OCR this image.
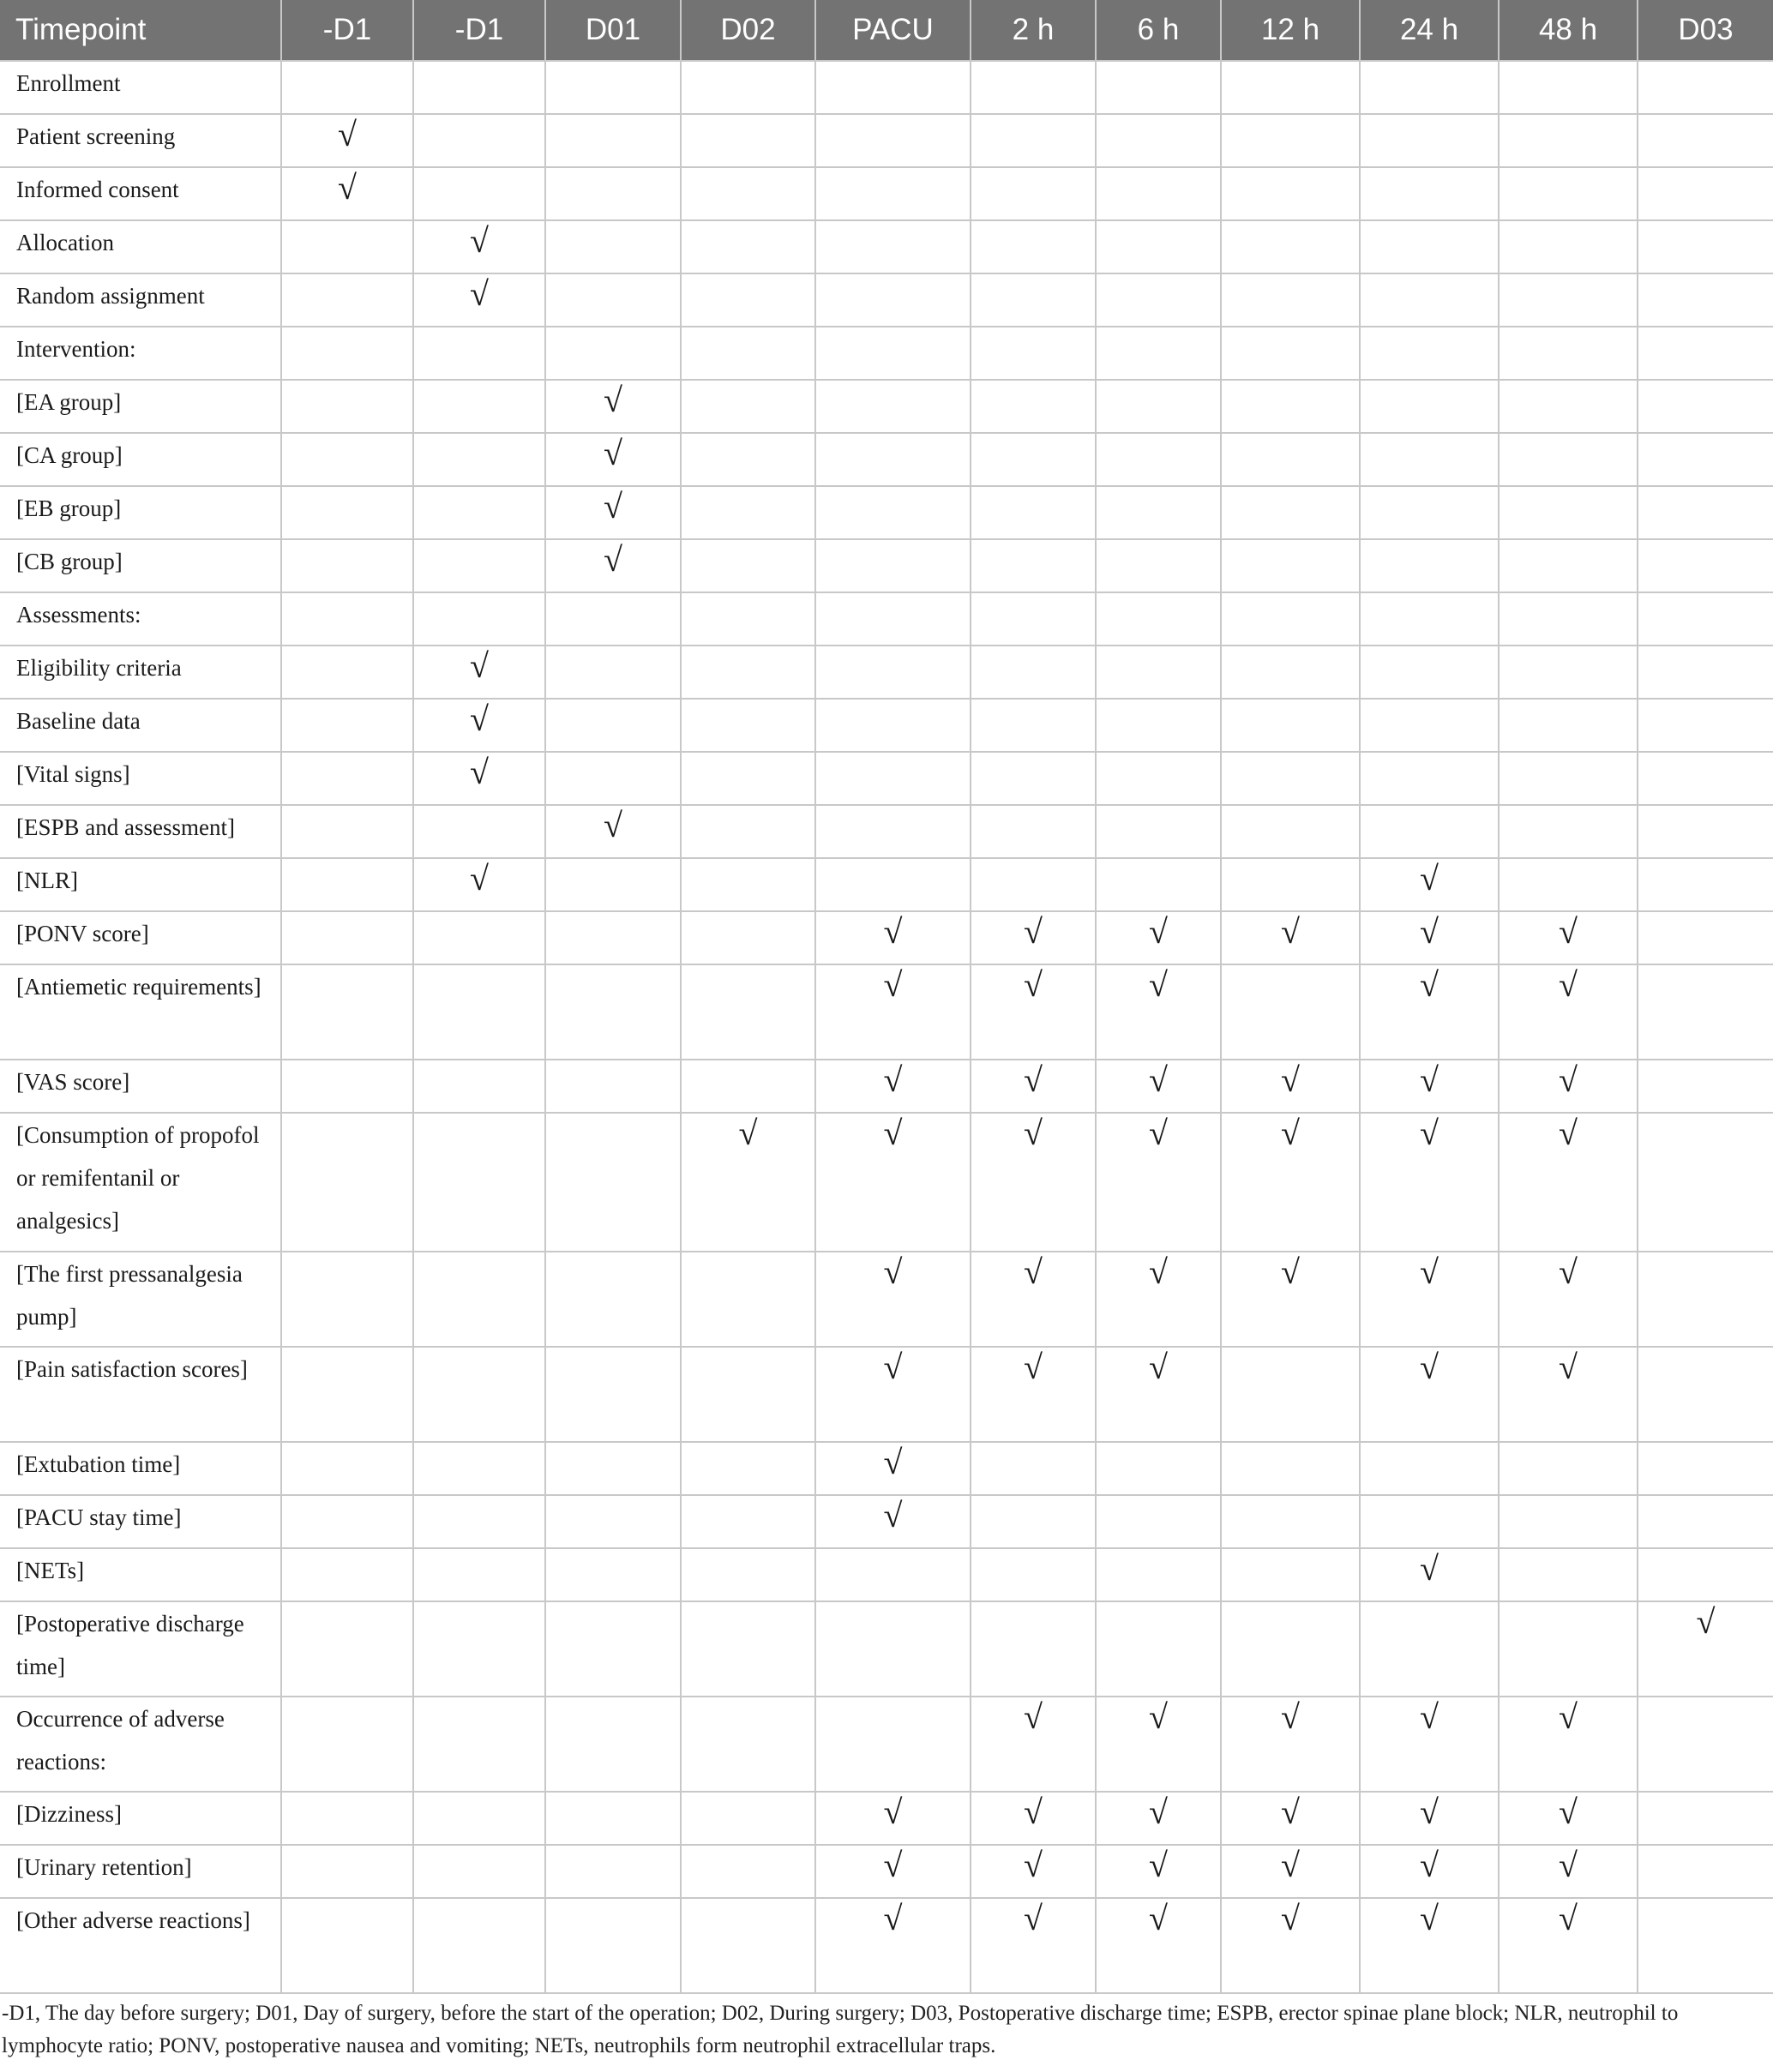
Timepoint	-D1	-D1	D01	D02	PACU	2 h	6 h	12 h	24 h	48 h	D03
Enrollment											
Patient screening	√										
Informed consent	√										
Allocation		√									
Random assignment		√									
Intervention:											
[EA group]			√								
[CA group]			√								
[EB group]			√								
[CB group]			√								
Assessments:											
Eligibility criteria		√									
Baseline data		√									
[Vital signs]		√									
[ESPB and assessment]			√								
[NLR]		√							√		
[PONV score]					√	√	√	√	√	√	
[Antiemetic requirements]					√	√	√		√	√	
[VAS score]					√	√	√	√	√	√	
[Consumption of propofol or remifentanil or analgesics]				√	√	√	√	√	√	√	
[The first pressanalgesia pump]					√	√	√	√	√	√	
[Pain satisfaction scores]					√	√	√		√	√	
[Extubation time]					√						
[PACU stay time]					√						
[NETs]									√		
[Postoperative discharge time]											√
Occurrence of adverse reactions:						√	√	√	√	√	
[Dizziness]					√	√	√	√	√	√	
[Urinary retention]					√	√	√	√	√	√	
[Other adverse reactions]					√	√	√	√	√	√	
-D1, The day before surgery; D01, Day of surgery, before the start of the operation; D02, During surgery; D03, Postoperative discharge time; ESPB, erector spinae plane block; NLR, neutrophil to lymphocyte ratio; PONV, postoperative nausea and vomiting; NETs, neutrophils form neutrophil extracellular traps.
